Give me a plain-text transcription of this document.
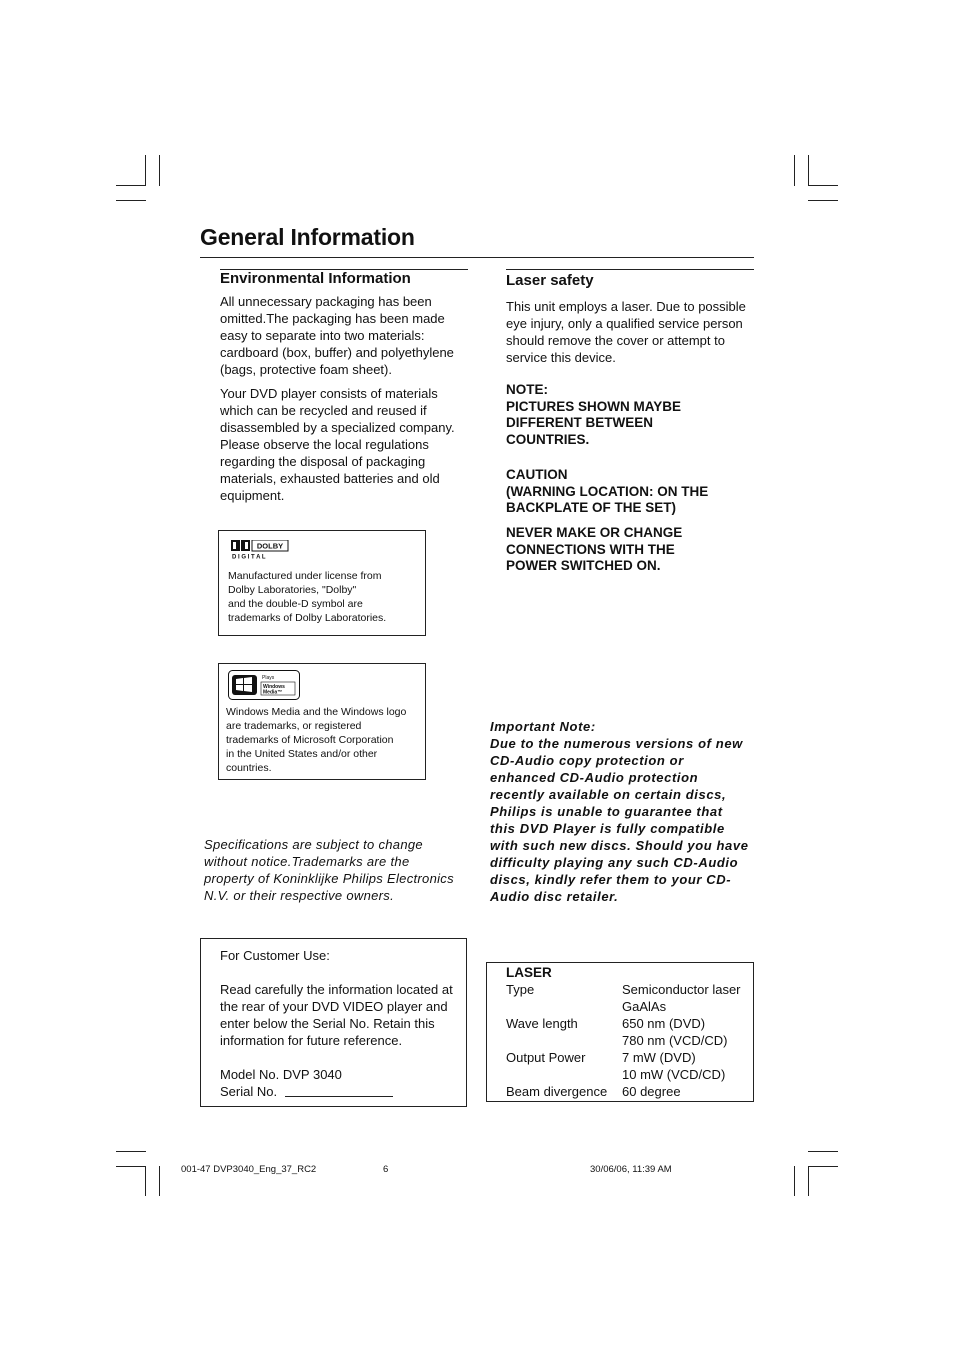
General Information
Environmental Information

All unnecessary packaging has been omitted.The packaging has been made easy to separate into two materials: cardboard (box, buffer) and polyethylene (bags, protective foam sheet).

Your DVD player consists of materials which can be recycled and reused if disassembled by a specialized company. Please observe the local regulations regarding the disposal of packaging materials, exhausted batteries and old equipment.

DOLBY
D I G I T A L
Manufactured under license from
Dolby Laboratories, "Dolby"
and the double-D symbol are
trademarks of Dolby Laboratories.
Plays
Windows
Media™
Windows Media and the Windows logo
are trademarks, or registered
trademarks of Microsoft Corporation
in the United States and/or other
countries.
Specifications are subject to change
without notice.Trademarks are the
property of Koninklijke Philips Electronics
N.V. or their respective owners.
For Customer Use:
Read carefully the information located at
the rear of your DVD VIDEO player and
enter below the Serial No. Retain this
information for future reference.
Model No. DVP 3040
Serial No.
Laser safety
This unit employs a laser. Due to possible eye injury, only a qualified service person should remove the cover or attempt to service this device.
NOTE:
PICTURES SHOWN MAYBE
DIFFERENT BETWEEN
COUNTRIES.
CAUTION
(WARNING LOCATION: ON THE
BACKPLATE OF THE SET)
NEVER MAKE OR CHANGE
CONNECTIONS WITH THE
POWER SWITCHED ON.
Important Note:
Due to the numerous versions of new
CD-Audio copy protection or
enhanced CD-Audio protection
recently available on certain discs,
Philips is unable to guarantee that
this DVD Player is fully compatible
with such new discs. Should you have
difficulty playing any such CD-Audio
discs, kindly refer them to your CD-
Audio disc retailer.
LASER
Type	Semiconductor laser
GaAlAs
Wave length	650 nm (DVD)
780 nm (VCD/CD)
Output Power	7 mW (DVD)
10 mW (VCD/CD)
Beam divergence	60 degree
001-47 DVP3040_Eng_37_RC2	6	30/06/06, 11:39 AM
